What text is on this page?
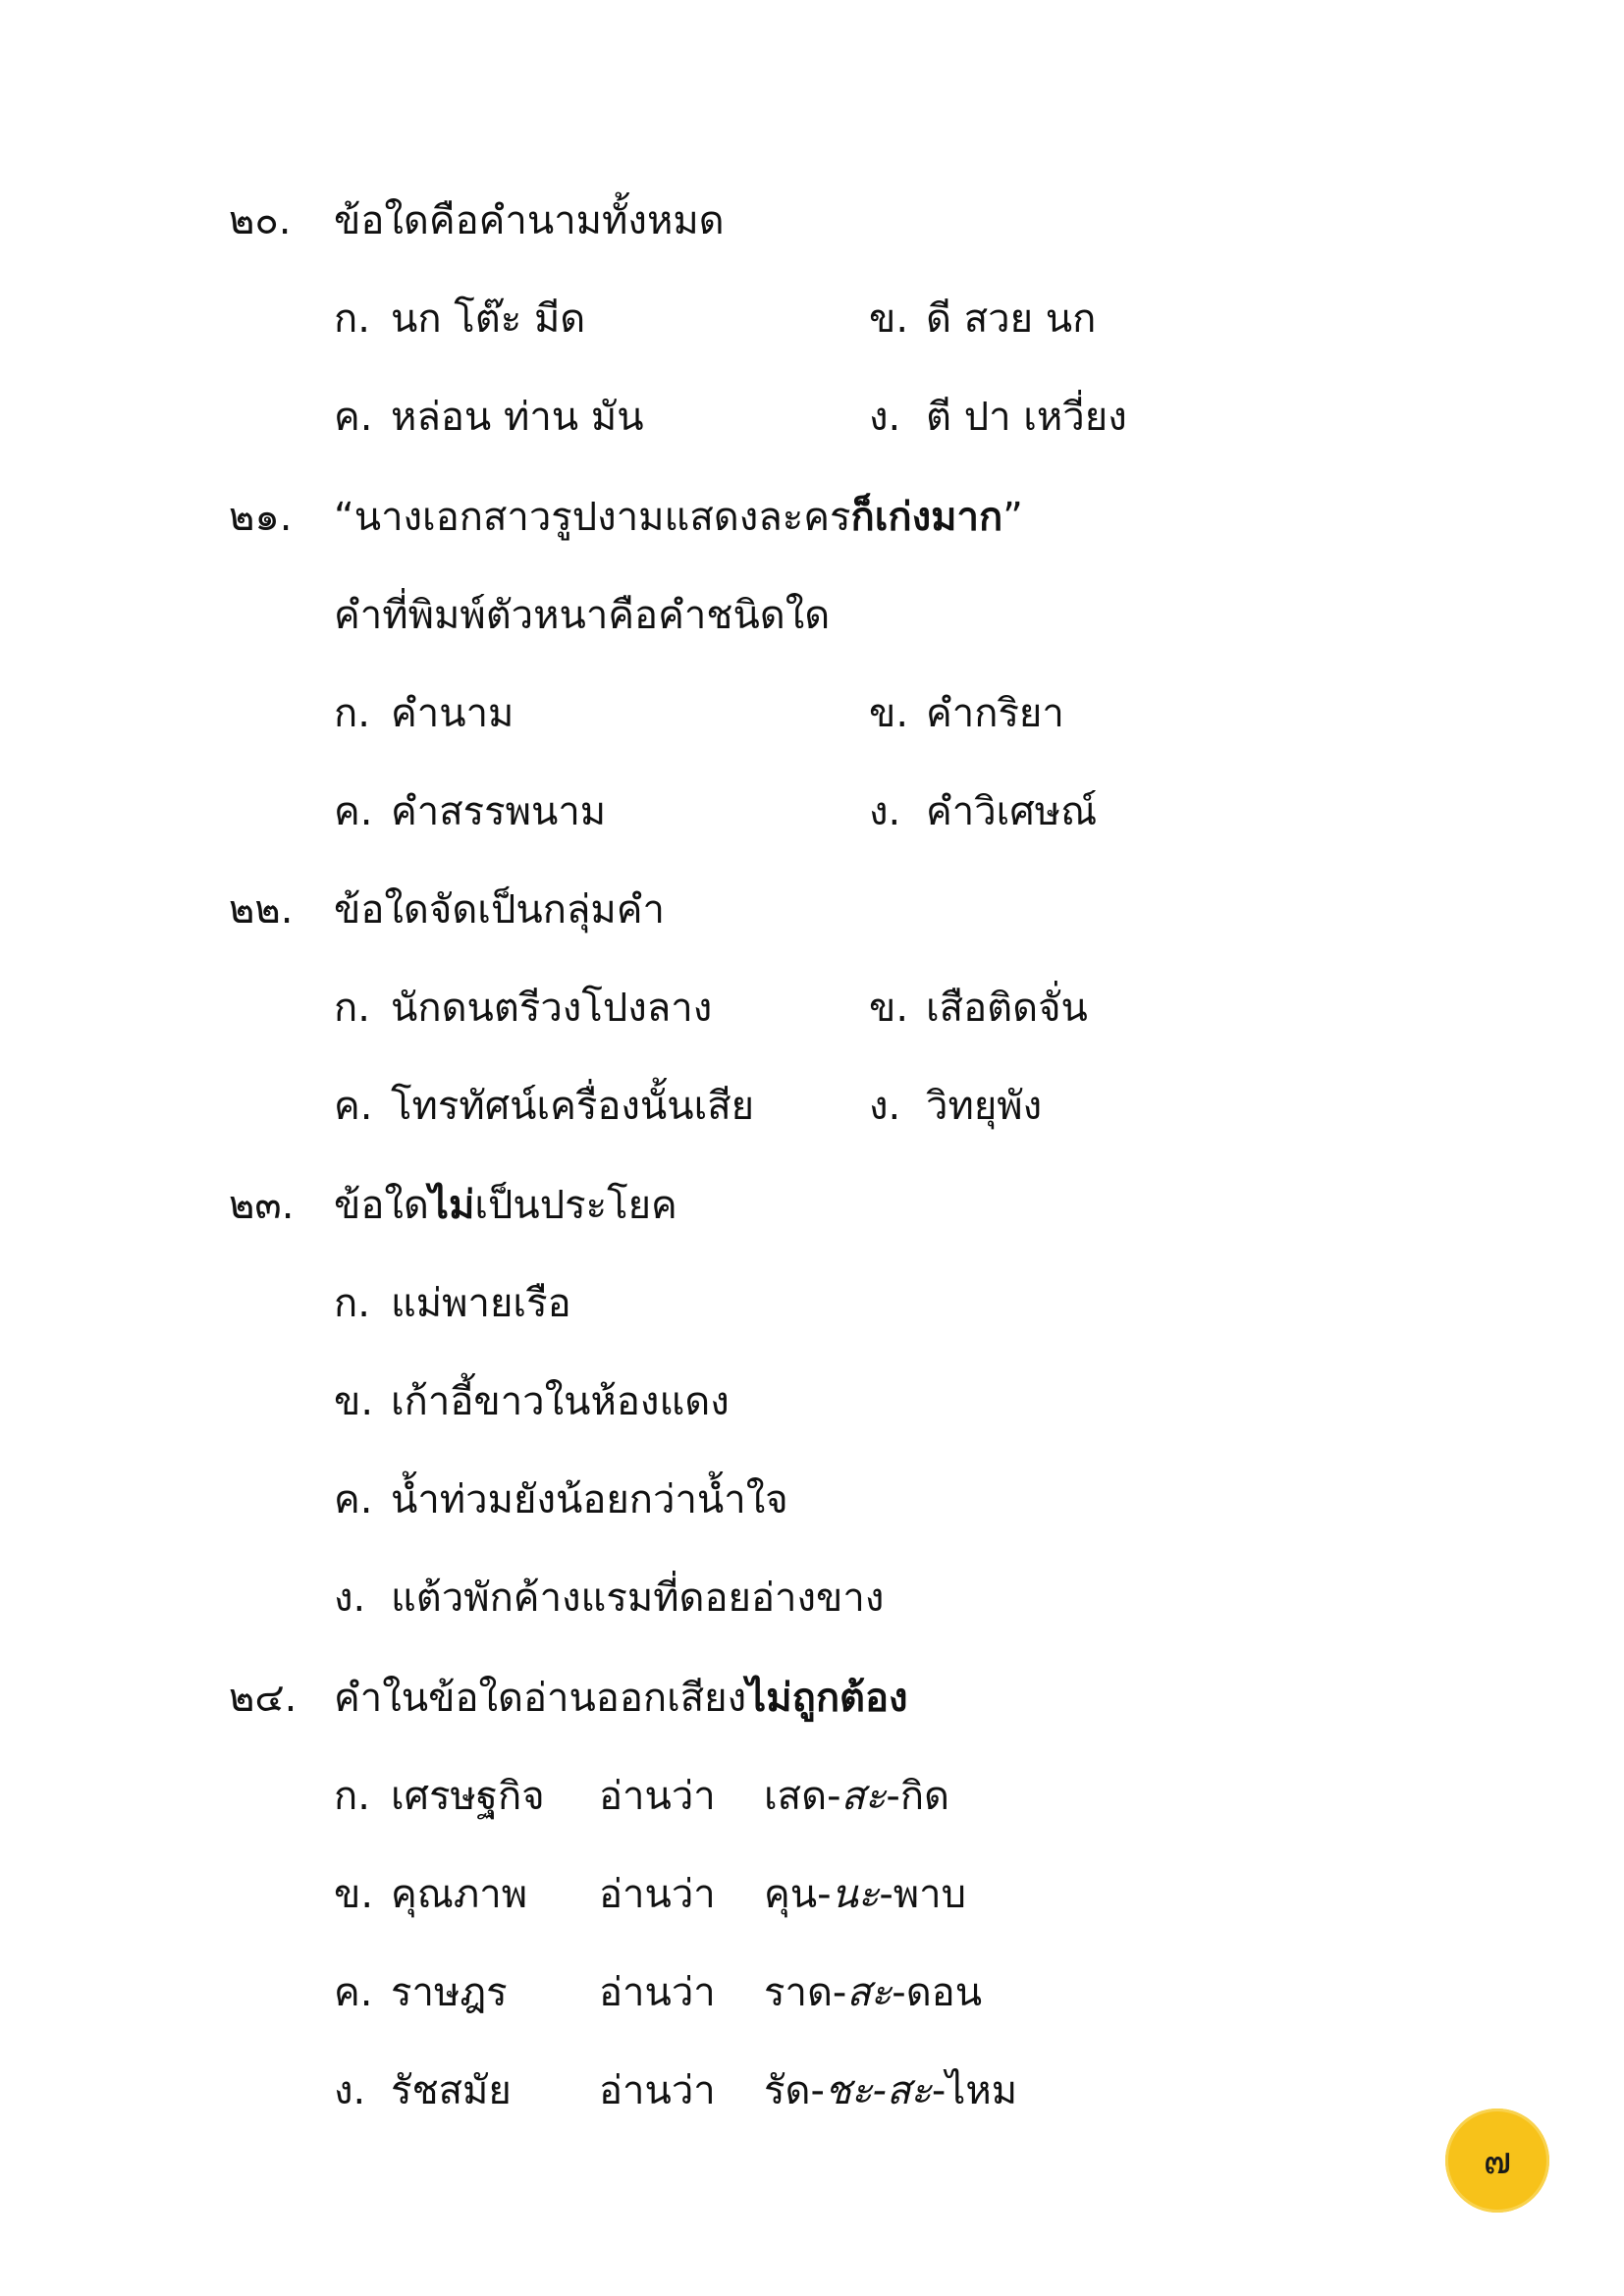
๒๐.	ข้อใดคือคำนามทั้งหมด
ก. นก โต๊ะ มีด	ข. ดี สวย นก
ค. หล่อน ท่าน มัน	ง. ตี ปา เหวี่ยง
๒๑.	“นางเอกสาวรูปงามแสดงละครก็เก่งมาก”
คำที่พิมพ์ตัวหนาคือคำชนิดใด
ก. คำนาม	ข. คำกริยา
ค. คำสรรพนาม	ง. คำวิเศษณ์
๒๒.	ข้อใดจัดเป็นกลุ่มคำ
ก. นักดนตรีวงโปงลาง	ข. เสือติดจั่น
ค. โทรทัศน์เครื่องนั้นเสีย	ง. วิทยุพัง
๒๓.	ข้อใดไม่เป็นประโยค
ก. แม่พายเรือ
ข. เก้าอี้ขาวในห้องแดง
ค. น้ำท่วมยังน้อยกว่าน้ำใจ
ง. แต้วพักค้างแรมที่ดอยอ่างขาง
๒๔. คำในข้อใดอ่านออกเสียงไม่ถูกต้อง
ก. เศรษฐกิจ อ่านว่า เสด-สะ-กิด
ข. คุณภาพ อ่านว่า คุน-นะ-พาบ
ค. ราษฎร อ่านว่า ราด-สะ-ดอน
ง. รัชสมัย อ่านว่า รัด-ชะ-สะ-ไหม
๗
